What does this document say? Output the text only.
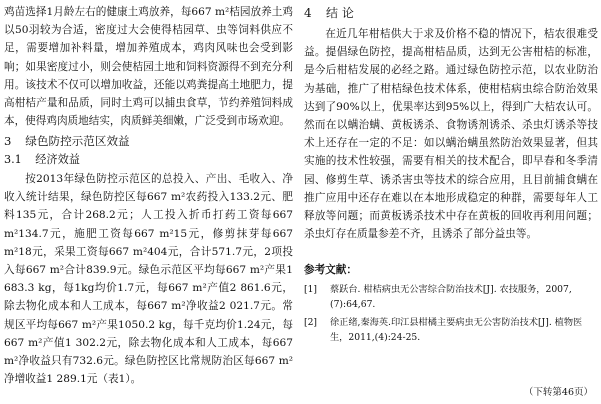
鸡苗选择1月龄左右的健康土鸡放养，每667 m²桔园放养土鸡以50羽较为合适，密度过大会使得桔园草、虫等饲料供应不足，需要增加补料量，增加养殖成本，鸡肉风味也会受到影响；如果密度过小，则会使桔园土地和饲料资源得不到充分利用。该技术不仅可以增加收益，还能以鸡粪提高土地肥力，提高柑桔产量和品质，同时土鸡可以捕虫食草，节约养殖饲料成本，使得鸡肉质地结实，肉质鲜美细嫩，广泛受到市场欢迎。

3 绿色防控示范区效益
3.1 经济效益

按2013年绿色防控示范区的总投入、产出、毛收入、净收入统计结果，绿色防控区每667 m²农药投入133.2元、肥料135元，合计268.2元；人工投入折币打药工资每667 m²134.7元，施肥工资每667 m²15元，修剪抹芽每667 m²18元，采果工资每667 m²404元，合计571.7元，2项投入每667 m²合计839.9元。绿色示范区平均每667 m²产果1 683.3 kg，每1kg均价1.7元，每667 m²产值2 861.6元，除去物化成本和人工成本，每667 m²净收益2 021.7元。常规区平均每667 m²产果1050.2 kg，每千克均价1.24元，每667 m²产值1 302.2元，除去物化成本和人工成本，每667 m²净收益只有732.6元。绿色防控区比常规防治区每667 m²净增收益1 289.1元（表1）。

4 结 论

在近几年柑桔供大于求及价格不稳的情况下，桔农很难受益。提倡绿色防控，提高柑桔品质，达到无公害柑桔的标准，是今后柑桔发展的必经之路。通过绿色防控示范，以农业防治为基础，推广了柑桔绿色技术体系，使柑桔病虫综合防治效果达到了90%以上，优果率达到95%以上，得到广大桔农认可。然而在以螨治螨、黄板诱杀、食物诱剂诱杀、杀虫灯诱杀等技术上还存在一定的不足：如以螨治螨虽然防治效果显著，但其实施的技术性较强，需要有相关的技术配合，即早春和冬季清园、修剪生草、诱杀害虫等技术的综合应用，且目前捕食螨在推广应用中还存在难以在本地形成稳定的种群，需要每年人工释放等问题；而黄板诱杀技术中存在黄板的回收再利用问题；杀虫灯存在质量参差不齐，且诱杀了部分益虫等。

参考文献：
[1]	蔡跃台. 柑桔病虫无公害综合防治技术[J]. 农技服务，2007,(7):64,67.
[2]	徐正绪,秦海英.印江县柑橘主要病虫无公害防治技术[J]. 植物医生，2011,(4):24-25.
（下转第46页）
